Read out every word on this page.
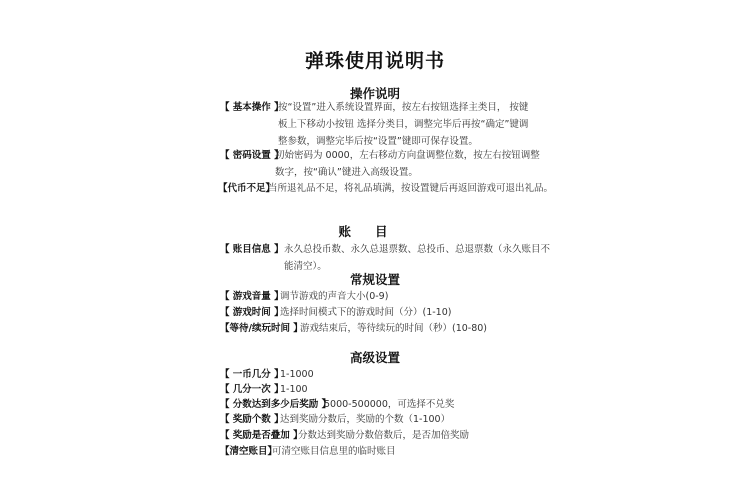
弹珠使用说明书
操作说明
【 基本操作 】
按“设置”进入系统设置界面，按左右按钮选择主类目， 按键
板上下移动小按钮 选择分类目，调整完毕后再按“确定”键调
整参数，调整完毕后按“设置”键即可保存设置。
【 密码设置 】
初始密码为 0000，左右移动方向盘调整位数，按左右按钮调整
数字，按“确认”键进入高级设置。
【代币不足】
当所退礼品不足，将礼品填满，按设置键后再返回游戏可退出礼品。
账目
【 账目信息 】 永久总投币数、永久总退票数、总投币、总退票数（永久账目不
能清空）。
常规设置
【 游戏音量 】
调节游戏的声音大小(0-9)
【 游戏时间 】
选择时间模式下的游戏时间（分）(1-10)
【等待/续玩时间 】
游戏结束后，等待续玩的时间（秒）(10-80)
高级设置
【 一币几分 】
1-1000
【 几分一次 】
1-100
【 分数达到多少后奖励 】
5000-500000，可选择不兑奖
【 奖励个数 】
达到奖励分数后，奖励的个数（1-100）
【 奖励是否叠加 】
分数达到奖励分数倍数后，是否加倍奖励
【清空账目】
可清空账目信息里的临时账目
